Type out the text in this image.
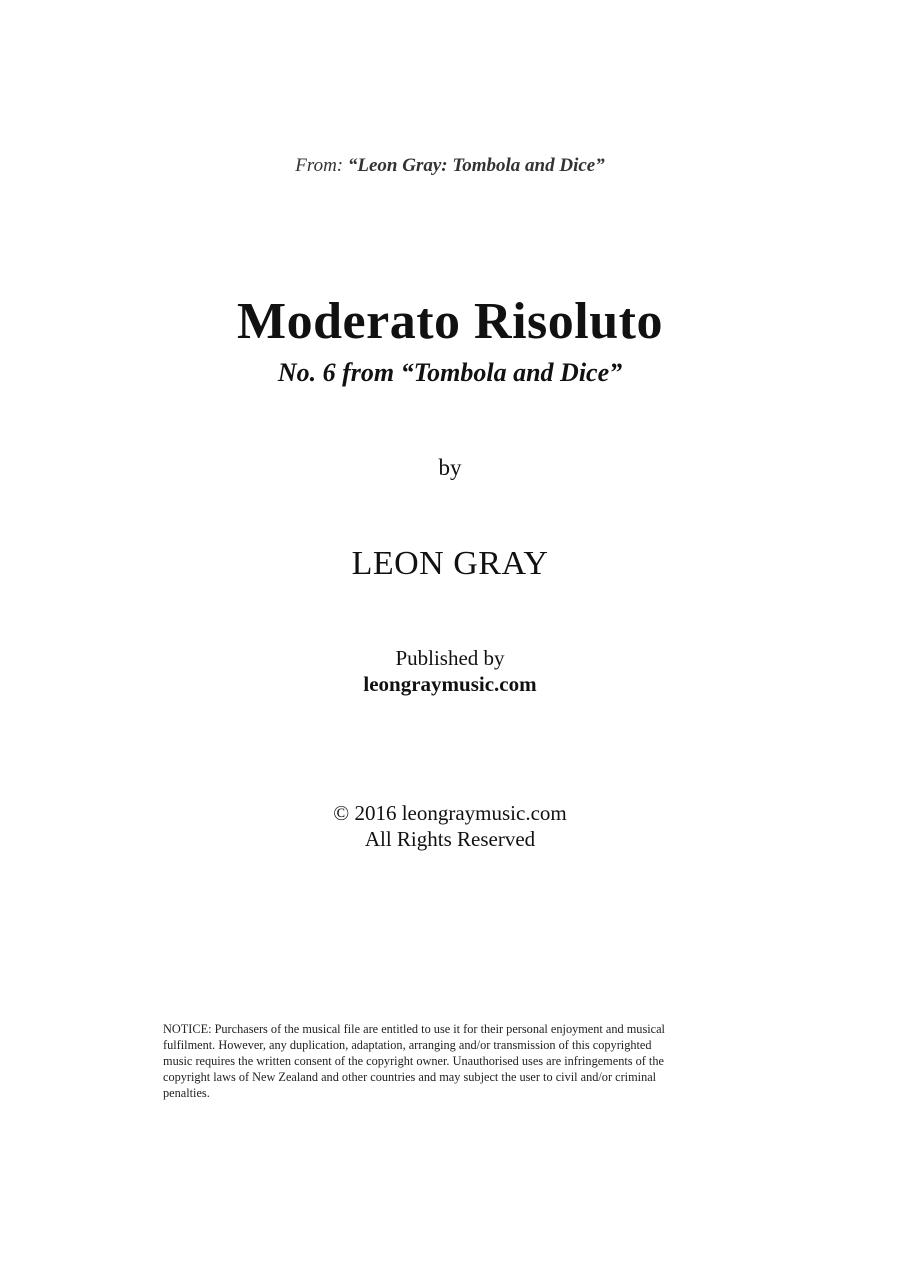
From: “Leon Gray: Tombola and Dice”
Moderato Risoluto
No. 6 from “Tombola and Dice”
by
LEON GRAY
Published by
leongraymusic.com
© 2016 leongraymusic.com
All Rights Reserved
NOTICE: Purchasers of the musical file are entitled to use it for their personal enjoyment and musical
fulfilment. However, any duplication, adaptation, arranging and/or transmission of this copyrighted
music requires the written consent of the copyright owner. Unauthorised uses are infringements of the
copyright laws of New Zealand and other countries and may subject the user to civil and/or criminal
penalties.
